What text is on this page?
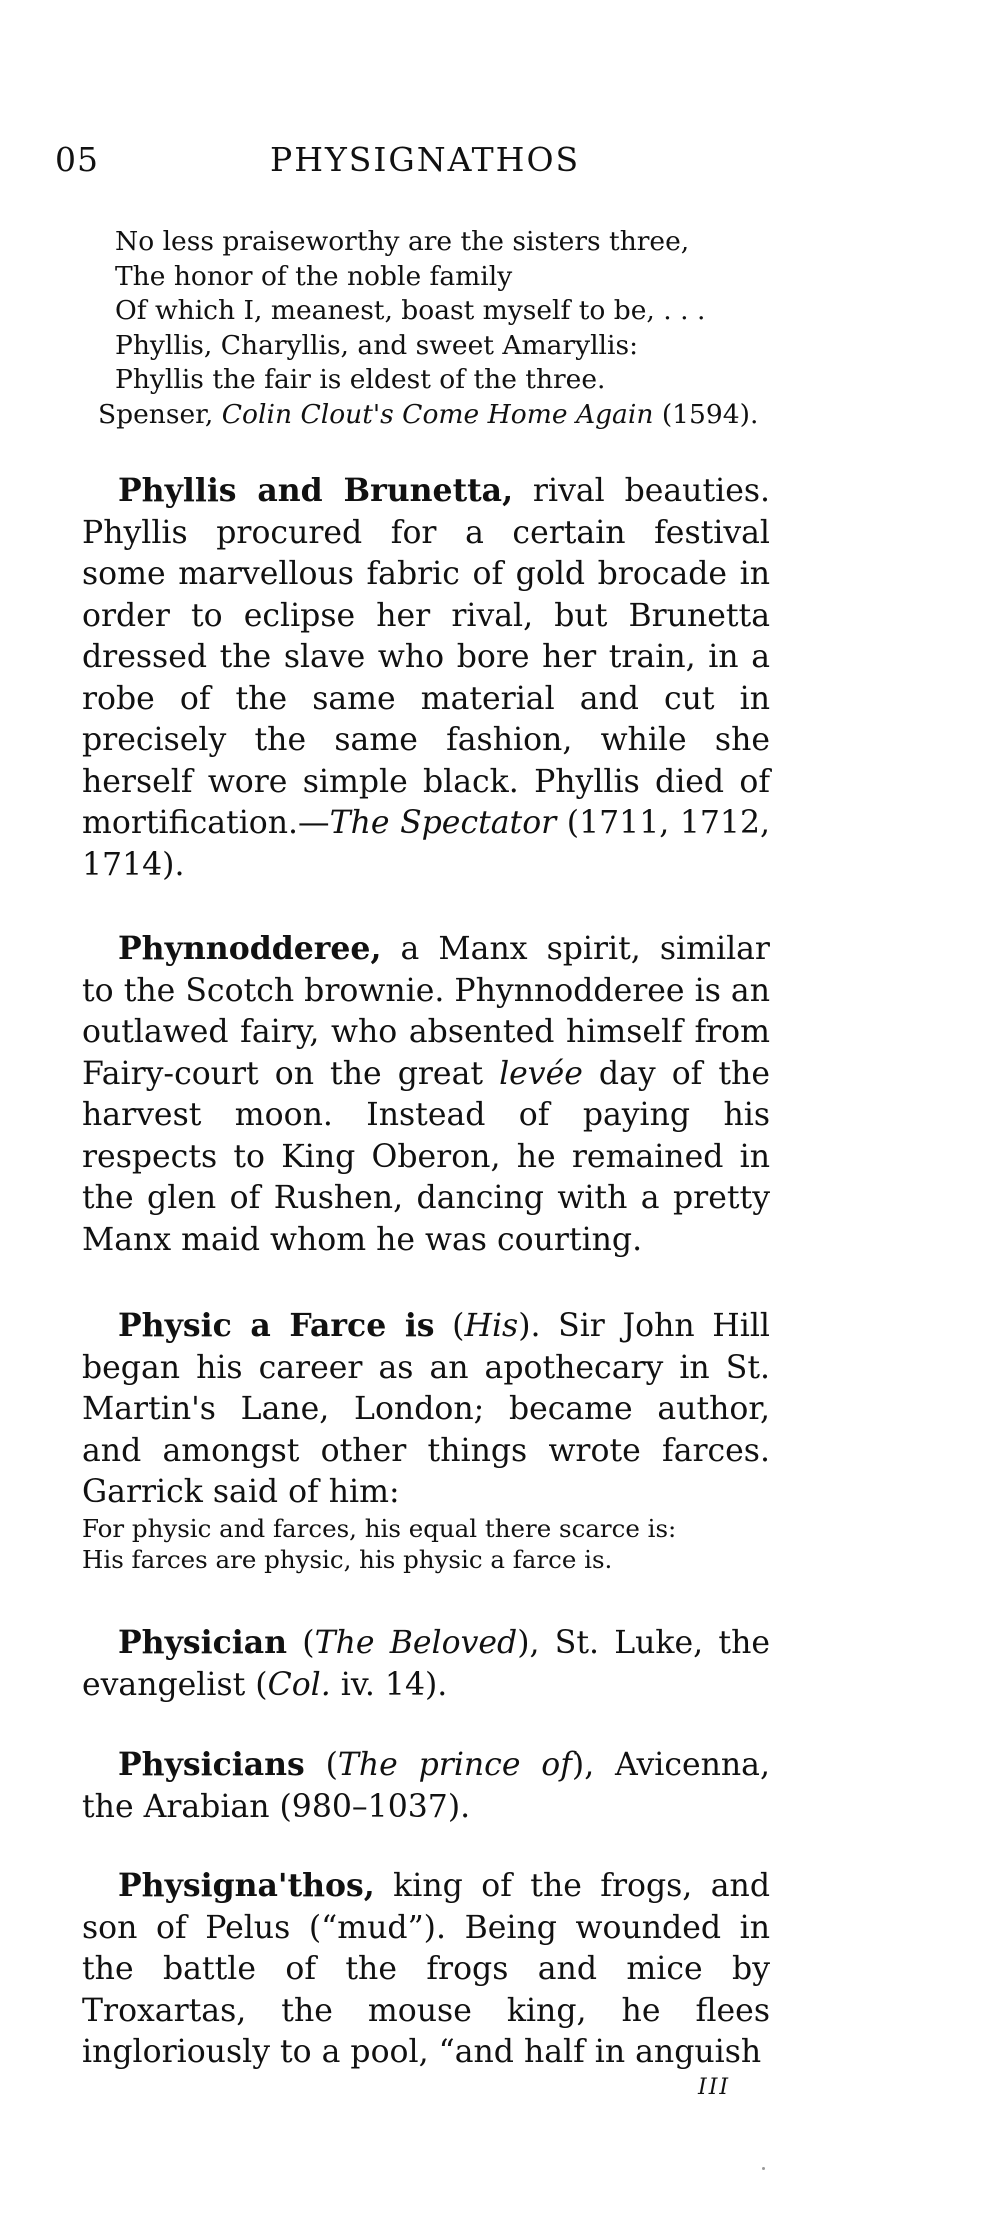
05	PHYSIGNATHOS
No less praiseworthy are the sisters three,
The honor of the noble family
Of which I, meanest, boast myself to be, . . .
Phyllis, Charyllis, and sweet Amaryllis:
Phyllis the fair is eldest of the three.
Spenser, Colin Clout's Come Home Again (1594).

Phyllis and Brunetta, rival beauties. Phyllis procured for a certain festival some marvellous fabric of gold brocade in order to eclipse her rival, but Brunetta dressed the slave who bore her train, in a robe of the same material and cut in precisely the same fashion, while she herself wore simple black. Phyllis died of mortification.—The Spectator (1711, 1712, 1714).

Phynnodderee, a Manx spirit, similar to the Scotch brownie. Phynnodderee is an outlawed fairy, who absented himself from Fairy-court on the great levée day of the harvest moon. Instead of paying his respects to King Oberon, he remained in the glen of Rushen, dancing with a pretty Manx maid whom he was courting.

Physic a Farce is (His). Sir John Hill began his career as an apothecary in St. Martin's Lane, London; became author, and amongst other things wrote farces. Garrick said of him:

For physic and farces, his equal there scarce is:
His farces are physic, his physic a farce is.

Physician (The Beloved), St. Luke, the evangelist (Col. iv. 14).

Physicians (The prince of), Avicenna, the Arabian (980–1037).

Physigna'thos, king of the frogs, and son of Pelus (“mud”). Being wounded in the battle of the frogs and mice by Troxartas, the mouse king, he flees ingloriously to a pool, “and half in anguish

III
